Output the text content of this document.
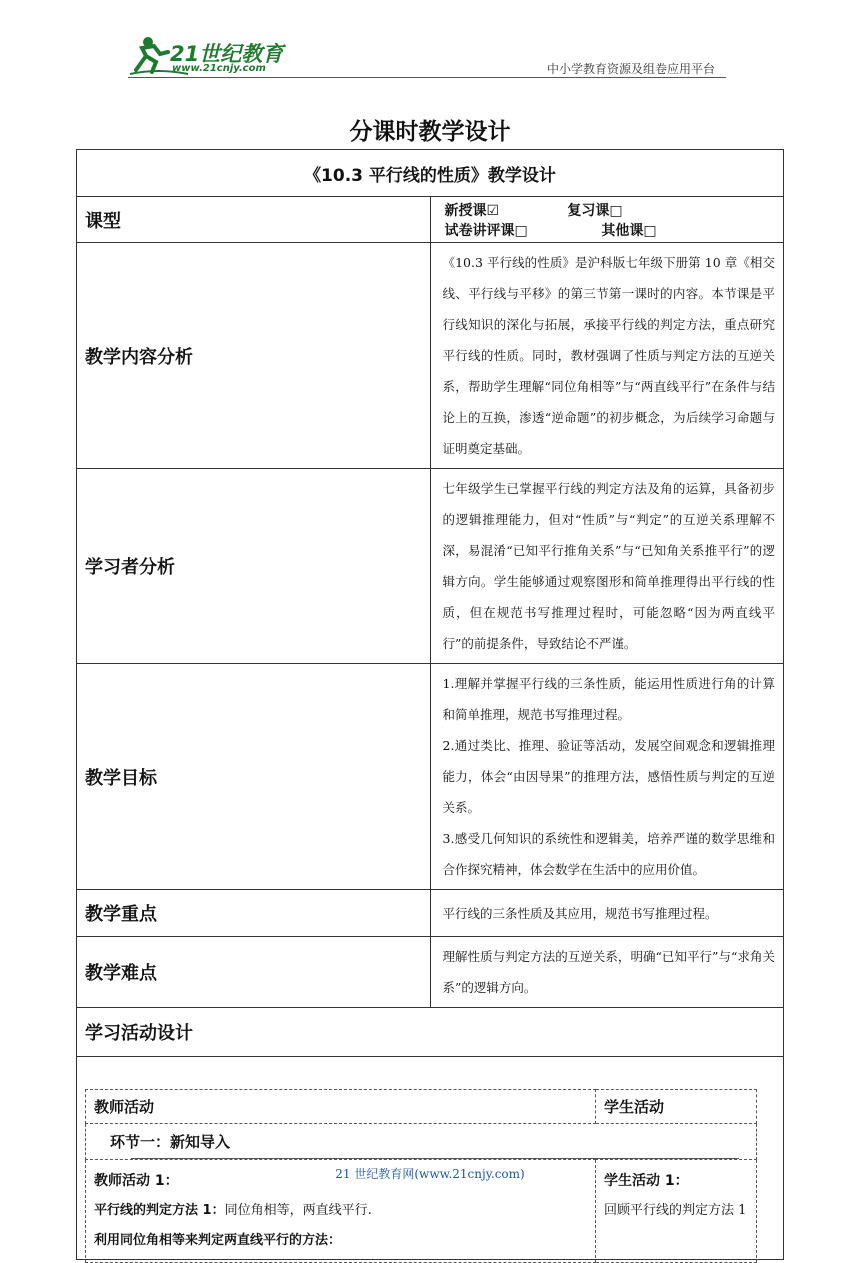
21世纪教育
www.21cnjy.com	中小学教育资源及组卷应用平台
分课时教学设计
《10.3 平行线的性质》教学设计
课型	新授课☑	复习课□ 试卷讲评课□	其他课□
教学内容分析	《10.3 平行线的性质》是沪科版七年级下册第 10 章《相交线、平行线与平移》的第三节第一课时的内容。本节课是平行线知识的深化与拓展，承接平行线的判定方法，重点研究平行线的性质。同时，教材强调了性质与判定方法的互逆关系，帮助学生理解“同位角相等”与“两直线平行”在条件与结论上的互换，渗透“逆命题”的初步概念，为后续学习命题与证明奠定基础。
学习者分析	七年级学生已掌握平行线的判定方法及角的运算，具备初步的逻辑推理能力，但对“性质”与“判定”的互逆关系理解不深，易混淆“已知平行推角关系”与“已知角关系推平行”的逻辑方向。学生能够通过观察图形和简单推理得出平行线的性质，但在规范书写推理过程时，可能忽略“因为两直线平行”的前提条件，导致结论不严谨。
教学目标	
1.理解并掌握平行线的三条性质，能运用性质进行角的计算和简单推理，规范书写推理过程。
2.通过类比、推理、验证等活动，发展空间观念和逻辑推理能力，体会“由因导果”的推理方法，感悟性质与判定的互逆关系。
3.感受几何知识的系统性和逻辑美，培养严谨的数学思维和合作探究精神，体会数学在生活中的应用价值。

教学重点	平行线的三条性质及其应用，规范书写推理过程。
教学难点	理解性质与判定方法的互逆关系，明确“已知平行”与“求角关系”的逻辑方向。
学习活动设计

教师活动	学生活动
环节一：新知导入

教师活动 1：
平行线的判定方法 1：同位角相等，两直线平行.
利用同位角相等来判定两直线平行的方法：

学生活动 1：
回顾平行线的判定方法 1
21 世纪教育网(www.21cnjy.com)
